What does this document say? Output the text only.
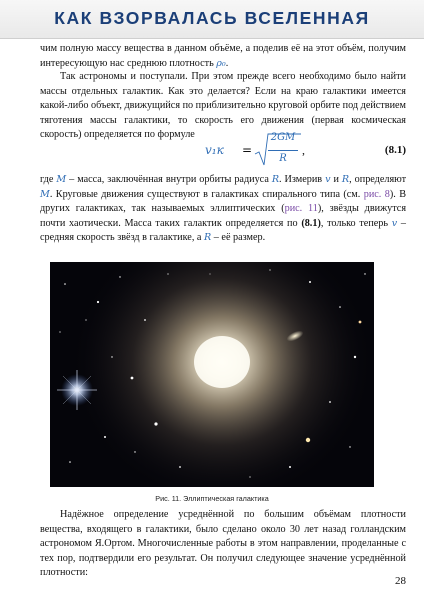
КАК ВЗОРВАЛАСЬ ВСЕЛЕННАЯ

чим полную массу вещества в данном объёме, а поделив её на этот объём, получим интересующую нас среднюю плотность ρ₀.

Так астрономы и поступали. При этом прежде всего необходимо было найти массы отдельных галактик. Как это делается? Если на краю галактики имеется какой-либо объект, движущийся по приблизительно круговой орбите под действием тяготения массы галактики, то скорость его движения (первая космическая скорость) определяется по формуле

v₁к =
2GM
R
,	(8.1)

где M – масса, заключённая внутри орбиты радиуса R. Измерив v и R, определяют M. Круговые движения существуют в галактиках спирального типа (см. рис. 8). В других галактиках, так называемых эллиптических (рис. 11), звёзды движутся почти хаотически. Масса таких галактик определяется по (8.1), только теперь v – средняя скорость звёзд в галактике, а R – её размер.

Рис. 11. Эллиптическая галактика

Надёжное определение усреднённой по большим объёмам плотности вещества, входящего в галактики, было сделано около 30 лет назад голландским астрономом Я.Ортом. Многочисленные работы в этом направлении, проделанные с тех пор, подтвердили его результат. Он получил следующее значение усреднённой плотности:

28
